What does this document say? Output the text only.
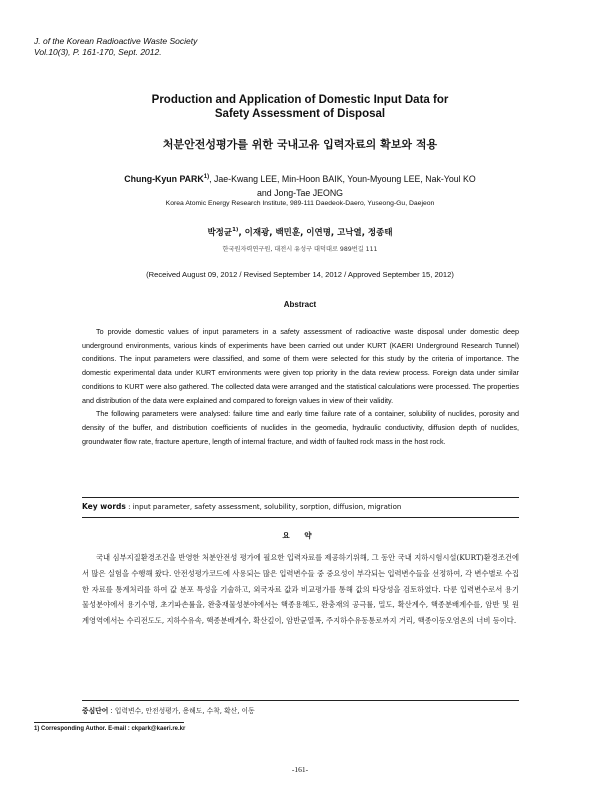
J. of the Korean Radioactive Waste Society
Vol.10(3), P. 161-170, Sept. 2012.
Production and Application of Domestic Input Data for
Safety Assessment of Disposal
처분안전성평가를 위한 국내고유 입력자료의 확보와 적용
Chung-Kyun PARK$^{1)}$, Jae-Kwang LEE, Min-Hoon BAIK, Youn-Myoung LEE, Nak-Youl KO
and Jong-Tae JEONG
Korea Atomic Energy Research Institute, 989-111 Daedeok-Daero, Yuseong-Gu, Daejeon
박정균$^{1)}$, 이재광, 백민훈, 이연명, 고낙열, 정종태
한국원자력연구원, 대전시 유성구 대덕대로 989번길 111
(Received August 09, 2012 / Revised September 14, 2012 / Approved September 15, 2012)
Abstract

To provide domestic values of input parameters in a safety assessment of radioactive waste disposal under domestic deep underground environments, various kinds of experiments have been carried out under KURT (KAERI Underground Research Tunnel) conditions. The input parameters were classified, and some of them were selected for this study by the criteria of importance. The domestic experimental data under KURT environments were given top priority in the data review process. Foreign data under similar conditions to KURT were also gathered. The collected data were arranged and the statistical calculations were processed. The properties and distribution of the data were explained and compared to foreign values in view of their validity.

The following parameters were analysed: failure time and early time failure rate of a container, solubility of nuclides, porosity and density of the buffer, and distribution coefficients of nuclides in the geomedia, hydraulic conductivity, diffusion depth of nuclides, groundwater flow rate, fracture aperture, length of internal fracture, and width of faulted rock mass in the host rock.

Key words : input parameter, safety assessment, solubility, sorption, diffusion, migration
요 약

국내 심부지질환경조건을 반영한 처분안전성 평가에 필요한 입력자료를 제공하기위해, 그 동안 국내 지하시험시설(KURT)환경조건에서 많은 실험을 수행해 왔다. 안전성평가코드에 사용되는 많은 입력변수들 중 중요성이 부각되는 입력변수들을 선정하여, 각 변수별로 수집한 자료를 통계처리를 하여 값 분포 특성을 기술하고, 외국자료 값과 비교평가를 통해 값의 타당성을 검토하였다. 다룬 입력변수로서 용기물성분야에서 용기수명, 초기파손률을, 완충재물성분야에서는 핵종용해도, 완충재의 공극률, 밀도, 확산계수, 핵종분배계수를, 암반 및 원계영역에서는 수리전도도, 지하수유속, 핵종분배계수, 확산깊이, 암반균열폭, 주지하수유동통로까지 거리, 핵종이동오염온의 너비 등이다.

중심단어 : 입력변수, 안전성평가, 용해도, 수착, 확산, 이동
1) Corresponding Author. E-mail : ckpark@kaeri.re.kr
-161-
